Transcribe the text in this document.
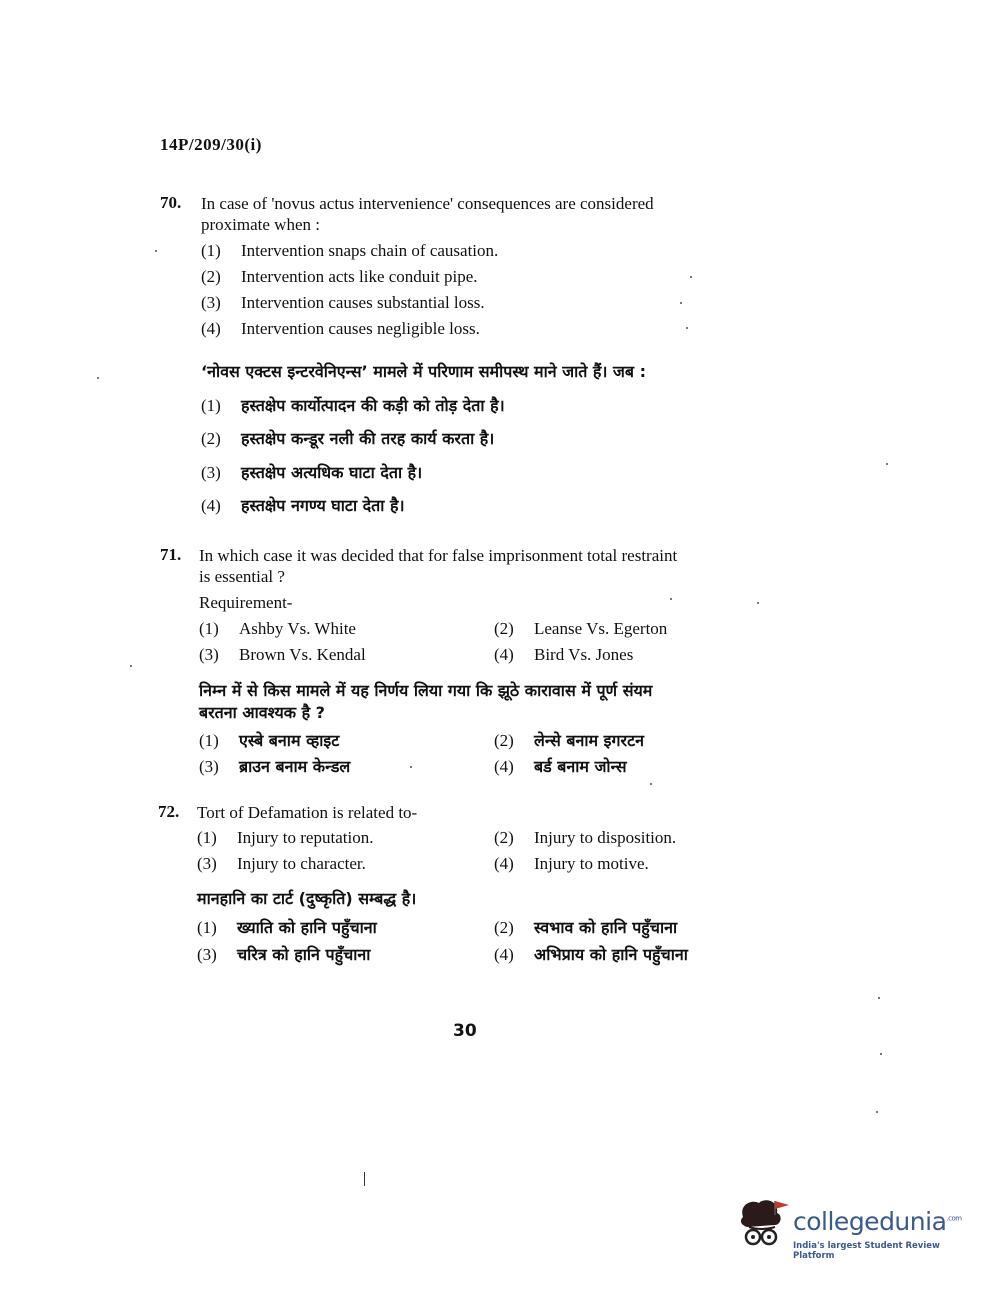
14P/209/30(i)
70. In case of 'novus actus intervenience' consequences are considered
proximate when :
(1) Intervention snaps chain of causation.
(2) Intervention acts like conduit pipe.
(3) Intervention causes substantial loss.
(4) Intervention causes negligible loss.
‘नोवस एक्टस इन्टरवेनिएन्स’ मामले में परिणाम समीपस्थ माने जाते हैं। जब :
(1) हस्तक्षेप कार्योत्पादन की कड़ी को तोड़ देता है।
(2) हस्तक्षेप कन्डूर नली की तरह कार्य करता है।
(3) हस्तक्षेप अत्यधिक घाटा देता है।
(4) हस्तक्षेप नगण्य घाटा देता है।
71. In which case it was decided that for false imprisonment total restraint
is essential ?
Requirement-
(1) Ashby Vs. White	(2) Leanse Vs. Egerton
(3) Brown Vs. Kendal	(4) Bird Vs. Jones
निम्न में से किस मामले में यह निर्णय लिया गया कि झूठे कारावास में पूर्ण संयम
बरतना आवश्यक है ?
(1) एस्बे बनाम व्हाइट	(2) लेन्से बनाम इगरटन
(3) ब्राउन बनाम केन्डल	(4) बर्ड बनाम जोन्स
72. Tort of Defamation is related to-
(1) Injury to reputation.	(2) Injury to disposition.
(3) Injury to character.	(4) Injury to motive.
मानहानि का टार्ट (दुष्कृति) सम्बद्ध है।
(1) ख्याति को हानि पहुँचाना	(2) स्वभाव को हानि पहुँचाना
(3) चरित्र को हानि पहुँचाना	(4) अभिप्राय को हानि पहुँचाना
30
collegedunia$^{.com}$
India's largest Student Review Platform
